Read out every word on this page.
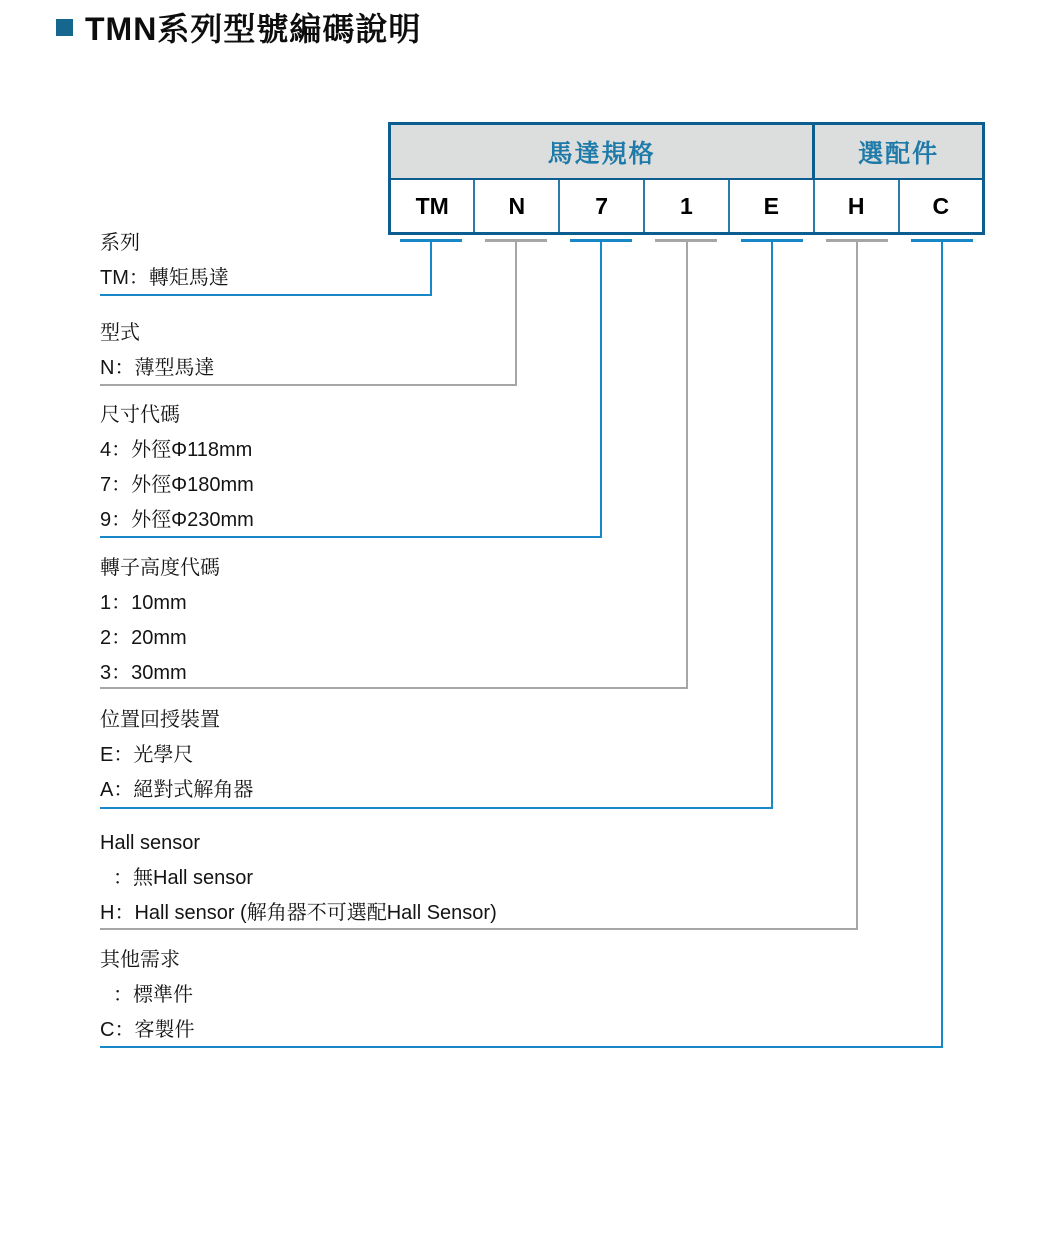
TMN系列型號編碼說明
馬達規格					選配件	
TM	N	7	1	E	H	C
系列
TM：轉矩馬達
型式
N：薄型馬達
尺寸代碼
4：外徑Φ118mm
7：外徑Φ180mm
9：外徑Φ230mm
轉子高度代碼
1：10mm
2：20mm
3：30mm
位置回授裝置
E：光學尺
A：絕對式解角器
Hall sensor
：無Hall sensor
H：Hall sensor (解角器不可選配Hall Sensor)
其他需求
：標準件
C：客製件
